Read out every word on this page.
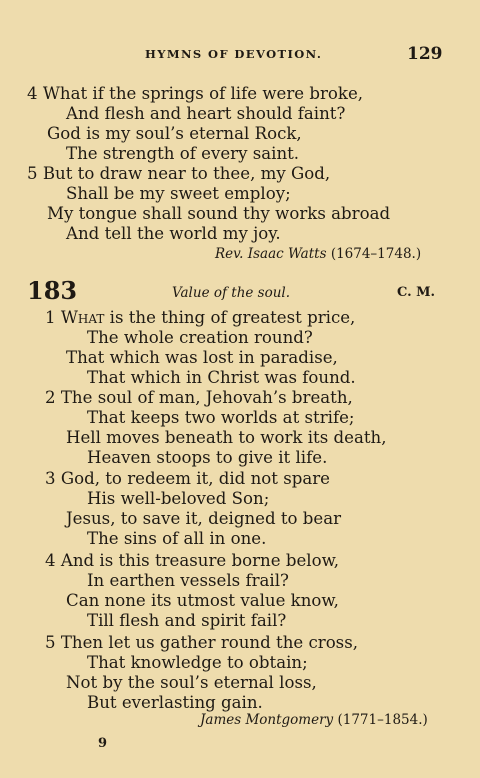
HYMNS OF DEVOTION.	129
4 What if the springs of life were broke,
And flesh and heart should faint?
God is my soul’s eternal Rock,
The strength of every saint.
5 But to draw near to thee, my God,
Shall be my sweet employ;
My tongue shall sound thy works abroad
And tell the world my joy.
Rev. Isaac Watts (1674–1748.)
183	Value of the soul.	C. M.
1 What is the thing of greatest price,
The whole creation round?
That which was lost in paradise,
That which in Christ was found.
2 The soul of man, Jehovah’s breath,
That keeps two worlds at strife;
Hell moves beneath to work its death,
Heaven stoops to give it life.
3 God, to redeem it, did not spare
His well-beloved Son;
Jesus, to save it, deigned to bear
The sins of all in one.
4 And is this treasure borne below,
In earthen vessels frail?
Can none its utmost value know,
Till flesh and spirit fail?
5 Then let us gather round the cross,
That knowledge to obtain;
Not by the soul’s eternal loss,
But everlasting gain.
James Montgomery (1771–1854.)
9
